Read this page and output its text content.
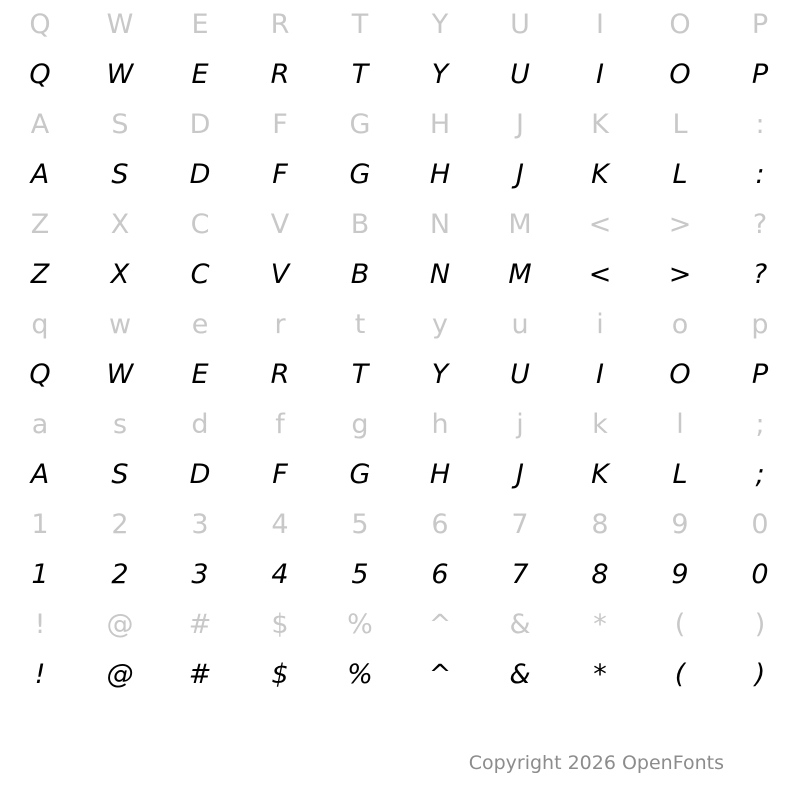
Q	W	E	R	T	Y	U	I	O	P
Q	W	E	R	T	Y	U	I	O	P
A	S	D	F	G	H	J	K	L	:
A	S	D	F	G	H	J	K	L	:
Z	X	C	V	B	N	M	<	>	?
Z	X	C	V	B	N	M	<	>	?
q	w	e	r	t	y	u	i	o	p
Q	W	E	R	T	Y	U	I	O	P
a	s	d	f	g	h	j	k	l	;
A	S	D	F	G	H	J	K	L	;
1	2	3	4	5	6	7	8	9	0
1	2	3	4	5	6	7	8	9	0
!	@	#	$	%	^	&	*	(	)
!	@	#	$	%	^	&	*	(	)
Copyright 2026 OpenFonts
